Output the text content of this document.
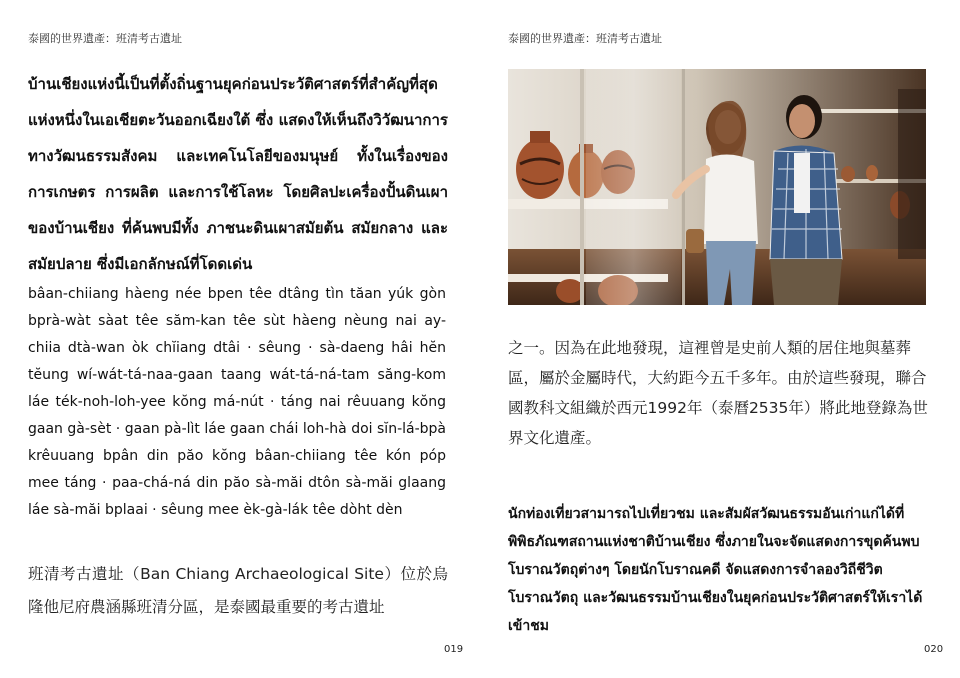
泰國的世界遺產：班清考古遺址

บ้านเชียงแห่งนี้เป็นที่ตั้งถิ่นฐานยุคก่อนประวัติศาสตร์ที่สำคัญที่สุดแห่งหนึ่งในเอเชียตะวันออกเฉียงใต้ ซึ่ง แสดงให้เห็นถึงวิวัฒนาการทางวัฒนธรรมสังคม และเทคโนโลยีของมนุษย์ ทั้งในเรื่องของการเกษตร การผลิต และการใช้โลหะ โดยศิลปะเครื่องปั้นดินเผาของบ้านเชียง ที่ค้นพบมีทั้ง ภาชนะดินเผาสมัยต้น สมัยกลาง และสมัยปลาย ซึ่งมีเอกลักษณ์ที่โดดเด่น

bâan-chiiang hàeng née bpen têe dtâng tìn tăan yúk gòn bprà-wàt sàat têe săm-kan têe sùt hàeng nèung nai ay-chiia dtà-wan òk chĭiang dtâi · sêung · sà-daeng hâi hĕn tĕung wí-wát-tá-naa-gaan taang wát-tá-ná-tam săng-kom láe ték-noh-loh-yee kŏng má-nút · táng nai rêuuang kŏng gaan gà-sèt · gaan pà-lìt láe gaan chái loh-hà doi sĭn-lá-bpà krêuuang bpân din păo kŏng bâan-chiiang têe kón póp mee táng · paa-chá-ná din păo sà-măi dtôn sà-măi glaang láe sà-măi bplaai · sêung mee èk-gà-lák têe dòht dèn

班清考古遺址（Ban Chiang Archaeological Site）位於烏隆他尼府農涵縣班清分區，是泰國最重要的考古遺址

019
泰國的世界遺產：班清考古遺址

之一。因為在此地發現，這裡曾是史前人類的居住地與墓葬區，屬於金屬時代，大約距今五千多年。由於這些發現，聯合國教科文組織於西元1992年（泰曆2535年）將此地登錄為世界文化遺產。

นักท่องเที่ยวสามารถไปเที่ยวชม และสัมผัสวัฒนธรรมอันเก่าแก่ได้ที่ พิพิธภัณฑสถานแห่งชาติบ้านเชียง ซึ่งภายในจะจัดแสดงการขุดค้นพบโบราณวัตถุต่างๆ โดยนักโบราณคดี จัดแสดงการจำลองวิถีชีวิต โบราณวัตถุ และวัฒนธรรมบ้านเชียงในยุคก่อนประวัติศาสตร์ให้เราได้เข้าชม

020
